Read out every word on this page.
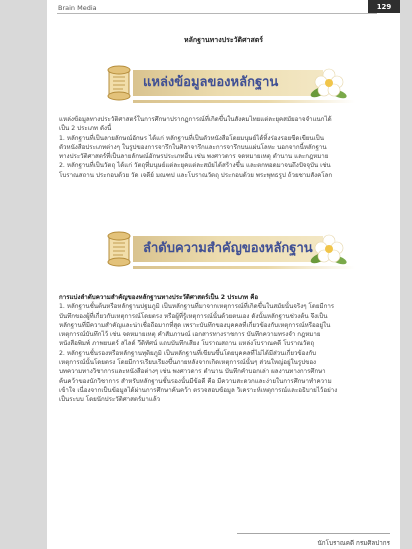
Brain Media	129
หลักฐานทางประวัติศาสตร์
แหล่งข้อมูลของหลักฐาน
แหล่งข้อมูลทางประวัติศาสตร์ในการศึกษาปรากฏการณ์ที่เกิดขึ้นในสังคมไทยแต่ละยุคสมัยอาจจำแนกได้
เป็น 2 ประเภท ดังนี้
1. หลักฐานที่เป็นลายลักษณ์อักษร ได้แก่ หลักฐานที่เป็นตัวหนังสือโดยมนุษย์ได้ทิ้งร่องรอยขีดเขียนเป็น
ตัวหนังสือประเภทต่างๆ ในรูปของการจารึกในศิลาจารึกและการจารึกบนแผ่นโลหะ นอกจากนี้หลักฐาน
ทางประวัติศาสตร์ที่เป็นลายลักษณ์อักษรประเภทอื่น เช่น พงศาวดาร จดหมายเหตุ ตำนาน และกฎหมาย
2. หลักฐานที่เป็นวัตถุ ได้แก่ วัตถุที่มนุษย์แต่ละยุคแต่ละสมัยได้สร้างขึ้น และตกทอดมาจนถึงปัจจุบัน เช่น
โบราณสถาน ประกอบด้วย วัด เจดีย์ มณฑป และโบราณวัตถุ ประกอบด้วย พระพุทธรูป ถ้วยชามสังคโลก
ลำดับความสำคัญของหลักฐาน
การแบ่งลำดับความสำคัญของหลักฐานทางประวัติศาสตร์เป็น 2 ประเภท คือ
1. หลักฐานชั้นต้นหรือหลักฐานปฐมภูมิ เป็นหลักฐานที่มาจากเหตุการณ์ที่เกิดขึ้นในสมัยนั้นจริงๆ โดยมีการ
บันทึกของผู้ที่เกี่ยวกับเหตุการณ์โดยตรง หรือผู้ที่รู้เหตุการณ์นั้นด้วยตนเอง ดังนั้นหลักฐานช่วงต้น จึงเป็น
หลักฐานที่มีความสำคัญและน่าเชื่อถือมากที่สุด เพราะบันทึกของบุคคลที่เกี่ยวข้องกับเหตุการณ์หรืออยู่ใน
เหตุการณ์บันทึกไว้ เช่น จดหมายเหตุ คำสัมภาษณ์ เอกสารทางราชการ บันทึกความทรงจำ กฎหมาย
หนังสือพิมพ์ ภาพยนตร์ สไลด์ วีดิทัศน์ แถบบันทึกเสียง โบราณสถาน แหล่งโบราณคดี โบราณวัตถุ
2. หลักฐานชั้นรองหรือหลักฐานทุติยภูมิ เป็นหลักฐานที่เขียนขึ้นโดยบุคคลที่ไม่ได้มีส่วนเกี่ยวข้องกับ
เหตุการณ์นั้นโดยตรง โดยมีการเรียบเรียงขึ้นภายหลังจากเกิดเหตุการณ์นั้นๆ ส่วนใหญ่อยู่ในรูปของ
บทความทางวิชาการและหนังสือต่างๆ เช่น พงศาวดาร ตำนาน บันทึกคำบอกเล่า ผลงานทางการศึกษา
ค้นคว้าของนักวิชาการ สำหรับหลักฐานชั้นรองนั้นมีข้อดี คือ มีความสะดวกและง่ายในการศึกษาทำความ
เข้าใจ เนื่องจากเป็นข้อมูลได้ผ่านการศึกษาค้นคว้า ตรวจสอบข้อมูล วิเคราะห์เหตุการณ์และอธิบายไว้อย่าง
เป็นระบบ โดยนักประวัติศาสตร์มาแล้ว
นักโบราณคดี กรมศิลปากร
